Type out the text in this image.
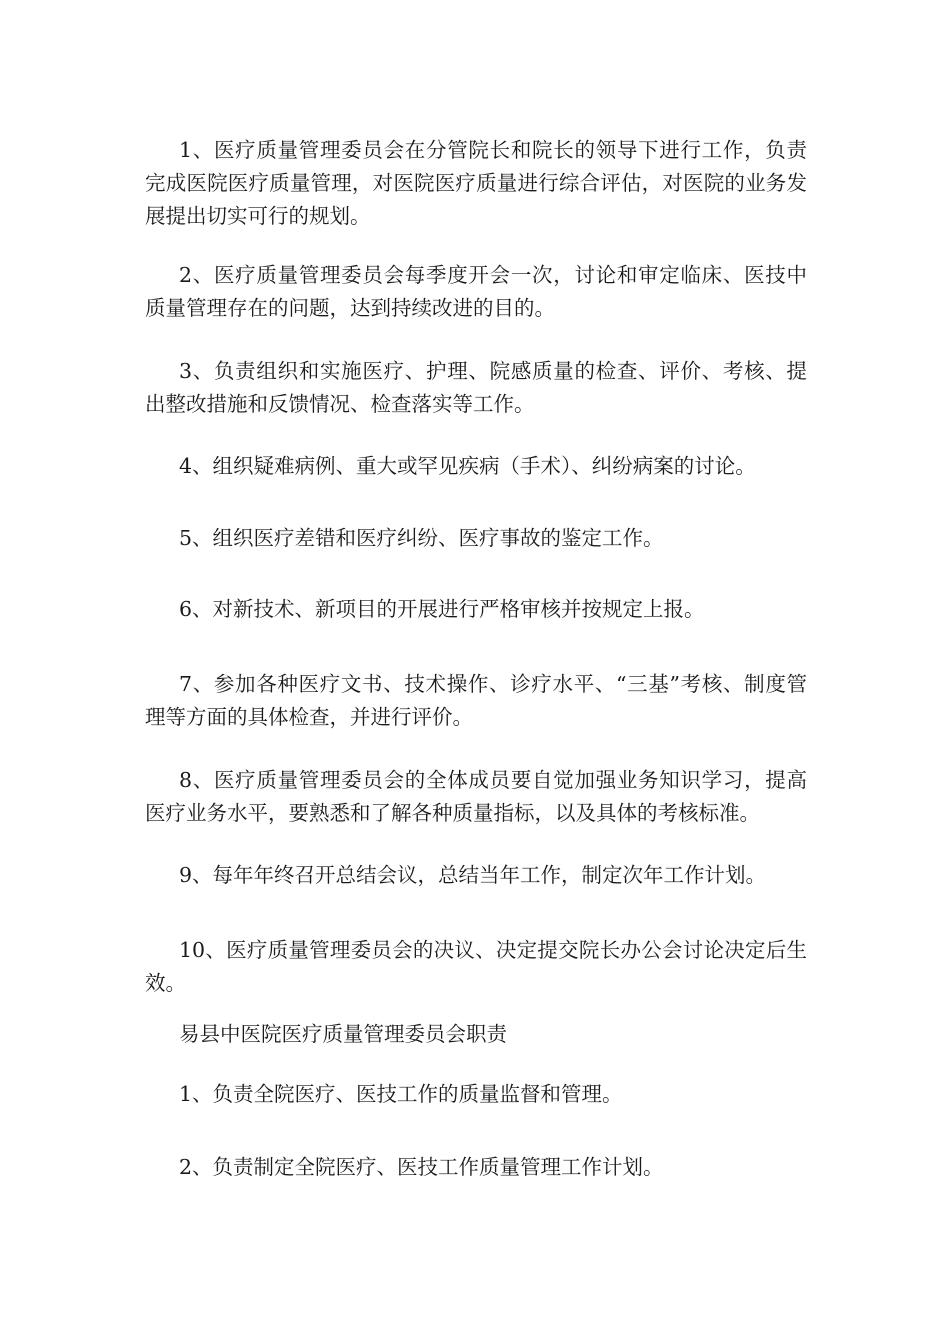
1、医疗质量管理委员会在分管院长和院长的领导下进行工作，负责完成医院医疗质量管理，对医院医疗质量进行综合评估，对医院的业务发展提出切实可行的规划。

2、医疗质量管理委员会每季度开会一次，讨论和审定临床、医技中质量管理存在的问题，达到持续改进的目的。

3、负责组织和实施医疗、护理、院感质量的检查、评价、考核、提出整改措施和反馈情况、检查落实等工作。

4、组织疑难病例、重大或罕见疾病（手术）、纠纷病案的讨论。

5、组织医疗差错和医疗纠纷、医疗事故的鉴定工作。

6、对新技术、新项目的开展进行严格审核并按规定上报。

7、参加各种医疗文书、技术操作、诊疗水平、“三基”考核、制度管理等方面的具体检查，并进行评价。

8、医疗质量管理委员会的全体成员要自觉加强业务知识学习，提高医疗业务水平，要熟悉和了解各种质量指标，以及具体的考核标准。

9、每年年终召开总结会议，总结当年工作，制定次年工作计划。

10、医疗质量管理委员会的决议、决定提交院长办公会讨论决定后生效。

易县中医院医疗质量管理委员会职责

1、负责全院医疗、医技工作的质量监督和管理。

2、负责制定全院医疗、医技工作质量管理工作计划。
